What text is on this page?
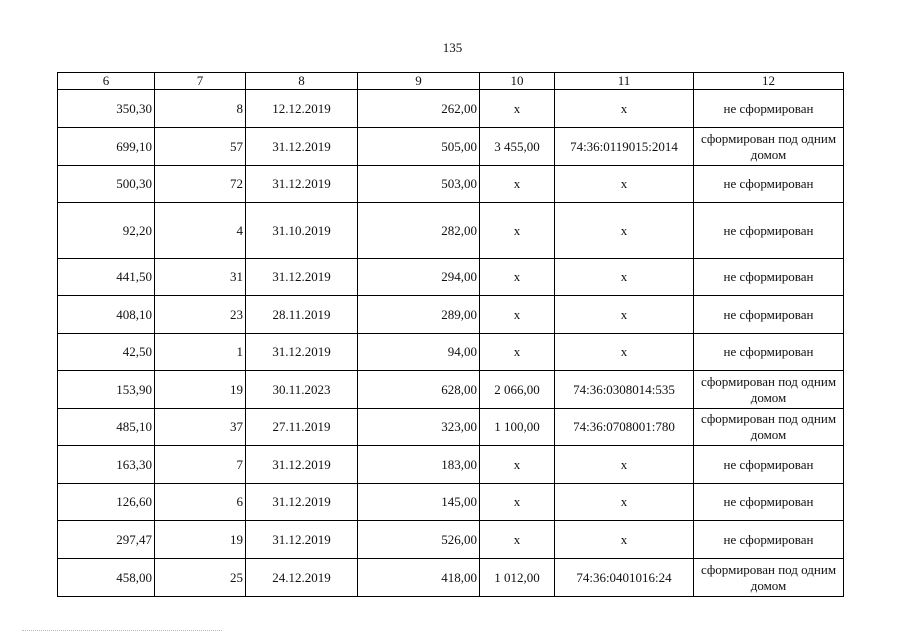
135
6	7	8	9	10	11	12
350,30	8	12.12.2019	262,00	х	х	не сформирован
699,10	57	31.12.2019	505,00	3 455,00	74:36:0119015:2014	сформирован под одним домом
500,30	72	31.12.2019	503,00	х	х	не сформирован
92,20	4	31.10.2019	282,00	х	х	не сформирован
441,50	31	31.12.2019	294,00	х	х	не сформирован
408,10	23	28.11.2019	289,00	х	х	не сформирован
42,50	1	31.12.2019	94,00	х	х	не сформирован
153,90	19	30.11.2023	628,00	2 066,00	74:36:0308014:535	сформирован под одним домом
485,10	37	27.11.2019	323,00	1 100,00	74:36:0708001:780	сформирован под одним домом
163,30	7	31.12.2019	183,00	х	х	не сформирован
126,60	6	31.12.2019	145,00	х	х	не сформирован
297,47	19	31.12.2019	526,00	х	х	не сформирован
458,00	25	24.12.2019	418,00	1 012,00	74:36:0401016:24	сформирован под одним домом
